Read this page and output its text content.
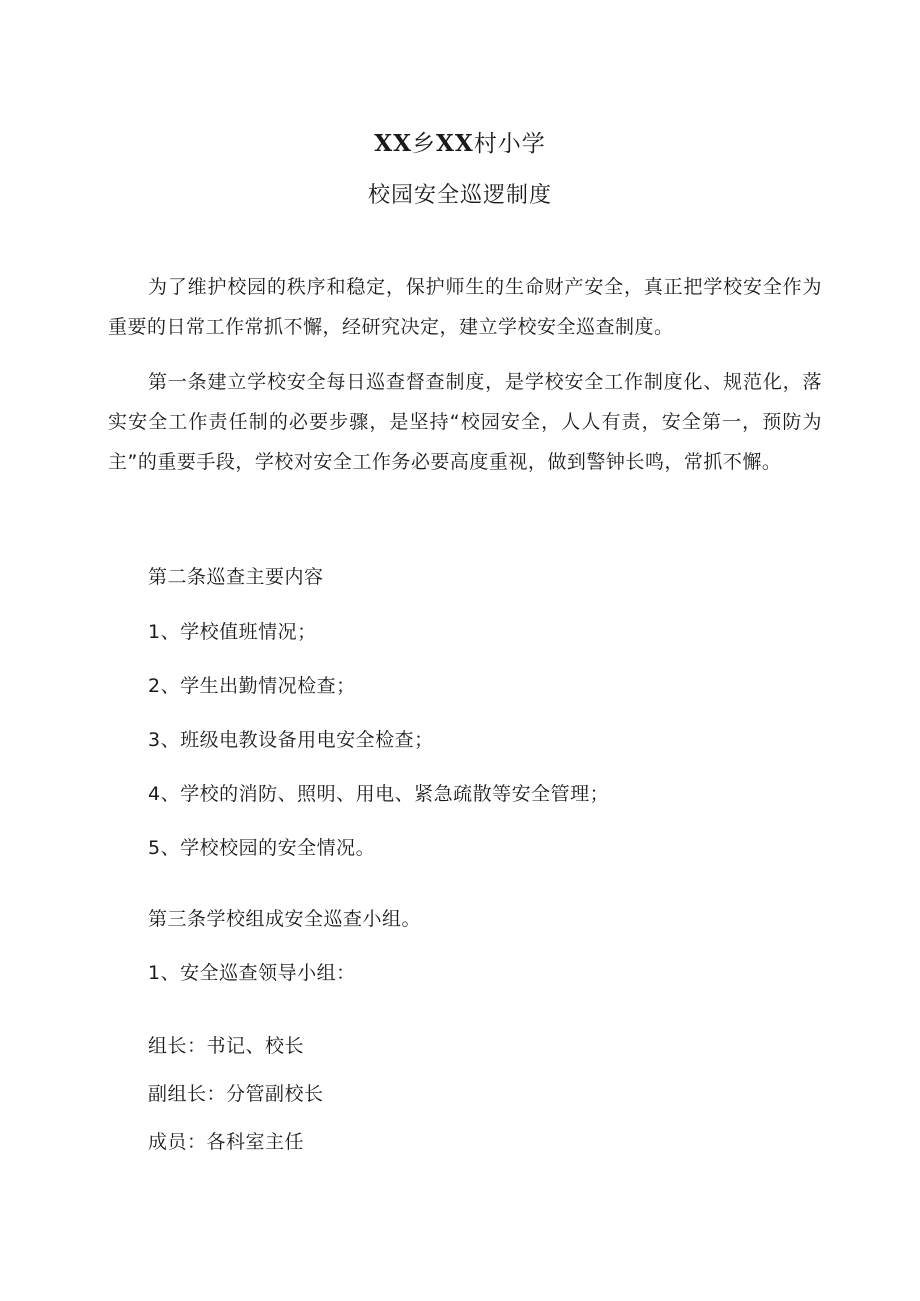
XX乡XX村小学
校园安全巡逻制度

为了维护校园的秩序和稳定，保护师生的生命财产安全，真正把学校安全作为重要的日常工作常抓不懈，经研究决定，建立学校安全巡查制度。

第一条建立学校安全每日巡查督查制度，是学校安全工作制度化、规范化，落实安全工作责任制的必要步骤，是坚持“校园安全，人人有责，安全第一，预防为主”的重要手段，学校对安全工作务必要高度重视，做到警钟长鸣，常抓不懈。

第二条巡查主要内容

1、学校值班情况；

2、学生出勤情况检查；

3、班级电教设备用电安全检查；

4、学校的消防、照明、用电、紧急疏散等安全管理；

5、学校校园的安全情况。

第三条学校组成安全巡查小组。

1、安全巡查领导小组：

组长：书记、校长

副组长：分管副校长

成员：各科室主任
